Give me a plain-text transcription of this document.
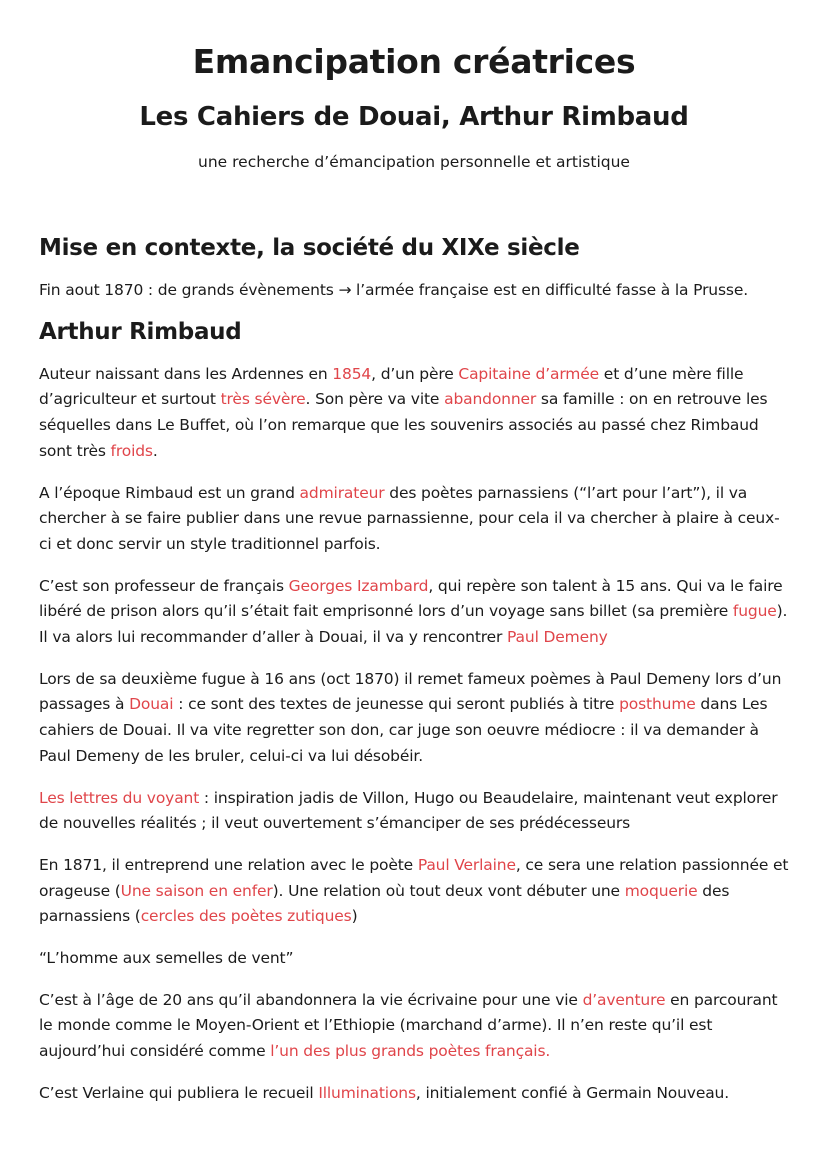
Emancipation créatrices
Les Cahiers de Douai, Arthur Rimbaud
une recherche d’émancipation personnelle et artistique
Mise en contexte, la société du XIXe siècle

Fin aout 1870 : de grands évènements → l’armée française est en difficulté fasse à la Prusse.

Arthur Rimbaud

Auteur naissant dans les Ardennes en 1854, d’un père Capitaine d’armée et d’une mère fille d’agriculteur et surtout très sévère. Son père va vite abandonner sa famille : on en retrouve les séquelles dans Le Buffet, où l’on remarque que les souvenirs associés au passé chez Rimbaud sont très froids.

A l’époque Rimbaud est un grand admirateur des poètes parnassiens (“l’art pour l’art”), il va chercher à se faire publier dans une revue parnassienne, pour cela il va chercher à plaire à ceux-ci et donc servir un style traditionnel parfois.

C’est son professeur de français Georges Izambard, qui repère son talent à 15 ans. Qui va le faire libéré de prison alors qu’il s’était fait emprisonné lors d’un voyage sans billet (sa première fugue). Il va alors lui recommander d’aller à Douai, il va y rencontrer Paul Demeny

Lors de sa deuxième fugue à 16 ans (oct 1870) il remet fameux poèmes à Paul Demeny lors d’un passages à Douai : ce sont des textes de jeunesse qui seront publiés à titre posthume dans Les cahiers de Douai. Il va vite regretter son don, car juge son oeuvre médiocre : il va demander à Paul Demeny de les bruler, celui-ci va lui désobéir.

Les lettres du voyant : inspiration jadis de Villon, Hugo ou Beaudelaire, maintenant veut explorer de nouvelles réalités ; il veut ouvertement s’émanciper de ses prédécesseurs

En 1871, il entreprend une relation avec le poète Paul Verlaine, ce sera une relation passionnée et orageuse (Une saison en enfer). Une relation où tout deux vont débuter une moquerie des parnassiens (cercles des poètes zutiques)

“L’homme aux semelles de vent”

C’est à l’âge de 20 ans qu’il abandonnera la vie écrivaine pour une vie d’aventure en parcourant le monde comme le Moyen-Orient et l’Ethiopie (marchand d’arme). Il n’en reste qu’il est aujourd’hui considéré comme l’un des plus grands poètes français.

C’est Verlaine qui publiera le recueil Illuminations, initialement confié à Germain Nouveau.
